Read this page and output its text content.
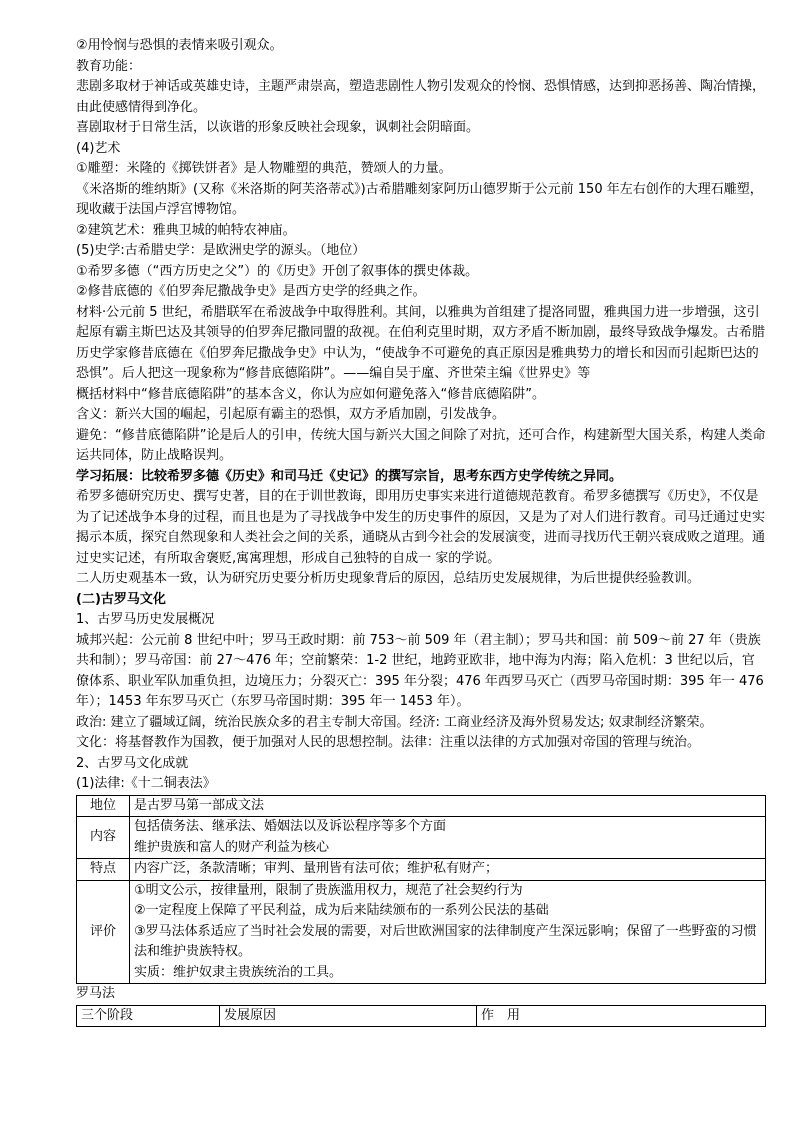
②用怜悯与恐惧的表情来吸引观众。

教育功能：

悲剧多取材于神话或英雄史诗，主题严肃崇高，塑造悲剧性人物引发观众的怜悯、恐惧情感，达到抑恶扬善、陶冶情操，由此使感情得到净化。

喜剧取材于日常生活，以诙谐的形象反映社会现象，讽刺社会阴暗面。

(4)艺术

①雕塑：米隆的《掷铁饼者》是人物雕塑的典范，赞颂人的力量。

《米洛斯的维纳斯》(又称《米洛斯的阿芙洛蒂忒》)古希腊雕刻家阿历山德罗斯于公元前 150 年左右创作的大理石雕塑，现收藏于法国卢浮宫博物馆。

②建筑艺术：雅典卫城的帕特农神庙。

(5)史学:古希腊史学：是欧洲史学的源头。（地位）

①希罗多德（“西方历史之父”）的《历史》开创了叙事体的撰史体裁。

②修昔底德的《伯罗奔尼撒战争史》是西方史学的经典之作。

材料·公元前 5 世纪，希腊联军在希波战争中取得胜利。其间，以雅典为首组建了提洛同盟，雅典国力进一步增强，这引起原有霸主斯巴达及其领导的伯罗奔尼撒同盟的敌视。在伯利克里时期，双方矛盾不断加剧，最终导致战争爆发。古希腊历史学家修昔底德在《伯罗奔尼撒战争史》中认为，“使战争不可避免的真正原因是雅典势力的增长和因而引起斯巴达的恐惧”。后人把这一现象称为“修昔底德陷阱”。——编自吴于廑、齐世荣主编《世界史》等

概括材料中“修昔底德陷阱”的基本含义，你认为应如何避免落入“修昔底德陷阱”。

含义：新兴大国的崛起，引起原有霸主的恐惧，双方矛盾加剧，引发战争。

避免：“修昔底德陷阱”论是后人的引申，传统大国与新兴大国之间除了对抗，还可合作，构建新型大国关系，构建人类命运共同体，防止战略误判。

学习拓展：比较希罗多德《历史》和司马迁《史记》的撰写宗旨，思考东西方史学传统之异同。

希罗多德研究历史、撰写史著，目的在于训世教诲，即用历史事实来进行道德规范教育。希罗多德撰写《历史》，不仅是为了记述战争本身的过程，而且也是为了寻找战争中发生的历史事件的原因，又是为了对人们进行教育。司马迁通过史实揭示本质，探究自然现象和人类社会之间的关系，通晓从古到今社会的发展演变，进而寻找历代王朝兴衰成败之道理。通过史实记述，有所取舍褒贬,寓寓理想，形成自己独特的自成一 家的学说。

二人历史观基本一致，认为研究历史要分析历史现象背后的原因，总结历史发展规律，为后世提供经验教训。

(二)古罗马文化

1、古罗马历史发展概况

城邦兴起：公元前 8 世纪中叶；罗马王政时期：前 753～前 509 年（君主制）；罗马共和国：前 509～前 27 年（贵族共和制）；罗马帝国：前 27～476 年；空前繁荣：1-2 世纪，地跨亚欧非，地中海为内海；陷入危机：3 世纪以后，官僚体系、职业军队加重负担，边境压力；分裂灭亡：395 年分裂；476 年西罗马灭亡（西罗马帝国时期：395 年一 476 年）；1453 年东罗马灭亡（东罗马帝国时期：395 年一 1453 年）。

政治: 建立了疆域辽阔，统治民族众多的君主专制大帝国。经济: 工商业经济及海外贸易发达; 奴隶制经济繁荣。

文化：将基督教作为国教，便于加强对人民的思想控制。法律：注重以法律的方式加强对帝国的管理与统治。

2、古罗马文化成就

(1)法律:《十二铜表法》

地位	是古罗马第一部成文法

内容	包括债务法、继承法、婚姻法以及诉讼程序等多个方面
维护贵族和富人的财产利益为核心

特点	内容广泛，条款清晰；审判、量刑皆有法可依；维护私有财产；

评价	①明文公示，按律量刑，限制了贵族滥用权力，规范了社会契约行为
②一定程度上保障了平民利益，成为后来陆续颁布的一系列公民法的基础
③罗马法体系适应了当时社会发展的需要，对后世欧洲国家的法律制度产生深远影响；保留了一些野蛮的习惯法和维护贵族特权。
实质：维护奴隶主贵族统治的工具。

罗马法

三个阶段	发展原因	作　用
